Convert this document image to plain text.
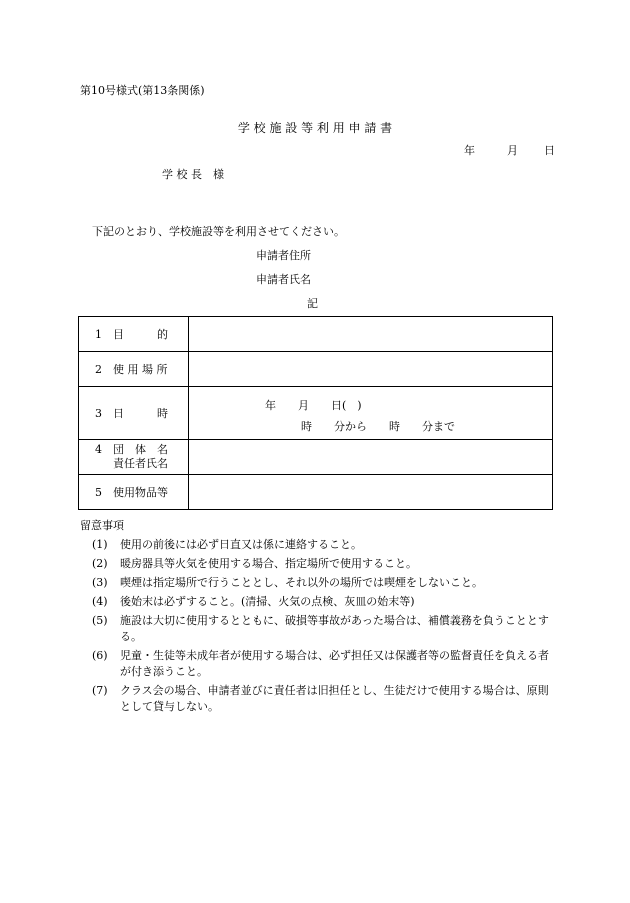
第10号様式(第13条関係)
学 校 施 設 等 利 用 申 請 書
年	月 日
学 校 長　様
下記のとおり、学校施設等を利用させてください。
申請者住所
申請者氏名
記
1　目　　　的	
2　使 用 場 所	
3　日　　　時	年　　月　　日(　)
時　　分から　　時　　分まで

4　団　体　名
責任者氏名	

5　使用物品等	
留意事項
(1) 使用の前後には必ず日直又は係に連絡すること。
(2) 暖房器具等火気を使用する場合、指定場所で使用すること。
(3) 喫煙は指定場所で行うこととし、それ以外の場所では喫煙をしないこと。
(4) 後始末は必ずすること。(清掃、火気の点検、灰皿の始末等)
(5) 施設は大切に使用するとともに、破損等事故があった場合は、補償義務を負うこととする。
(6) 児童・生徒等未成年者が使用する場合は、必ず担任又は保護者等の監督責任を負える者が付き添うこと。
(7) クラス会の場合、申請者並びに責任者は旧担任とし、生徒だけで使用する場合は、原則として貸与しない。
